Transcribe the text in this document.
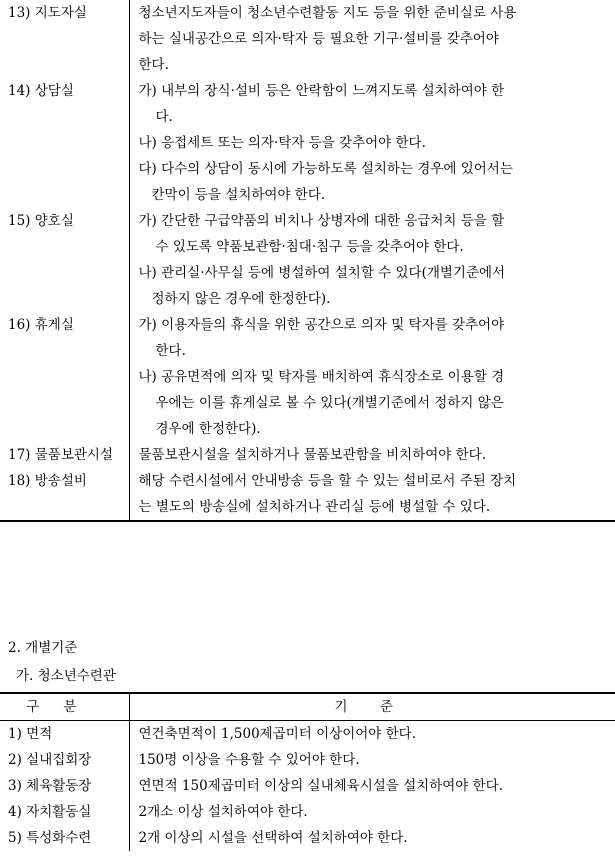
13) 지도자실	청소년지도자들이 청소년수련활동 지도 등을 위한 준비실로 사용
하는 실내공간으로 의자·탁자 등 필요한 기구·설비를 갖추어야
한다.

14) 상담실	가) 내부의 장식·설비 등은 안락함이 느껴지도록 설치하여야 한
다.
나) 응접세트 또는 의자·탁자 등을 갖추어야 한다.
다) 다수의 상담이 동시에 가능하도록 설치하는 경우에 있어서는
칸막이 등을 설치하여야 한다.

15) 양호실	가) 간단한 구급약품의 비치나 상병자에 대한 응급처치 등을 할
수 있도록 약품보관함·침대·침구 등을 갖추어야 한다.
나) 관리실·사무실 등에 병설하여 설치할 수 있다(개별기준에서
정하지 않은 경우에 한정한다).

16) 휴게실	가) 이용자들의 휴식을 위한 공간으로 의자 및 탁자를 갖추어야
한다.
나) 공유면적에 의자 및 탁자를 배치하여 휴식장소로 이용할 경
우에는 이를 휴게실로 볼 수 있다(개별기준에서 정하지 않은
경우에 한정한다).

17) 물품보관시설	물품보관시설을 설치하거나 물품보관함을 비치하여야 한다.

18) 방송설비	해당 수련시설에서 안내방송 등을 할 수 있는 설비로서 주된 장치
는 별도의 방송실에 설치하거나 관리실 등에 병설할 수 있다.
2. 개별기준
가. 청소년수련관
구 분	기 준
1) 면적	연건축면적이 1,500제곱미터 이상이어야 한다.
2) 실내집회장	150명 이상을 수용할 수 있어야 한다.
3) 체육활동장	연면적 150제곱미터 이상의 실내체육시설을 설치하여야 한다.
4) 자치활동실	2개소 이상 설치하여야 한다.
5) 특성화수련	2개 이상의 시설을 선택하여 설치하여야 한다.
